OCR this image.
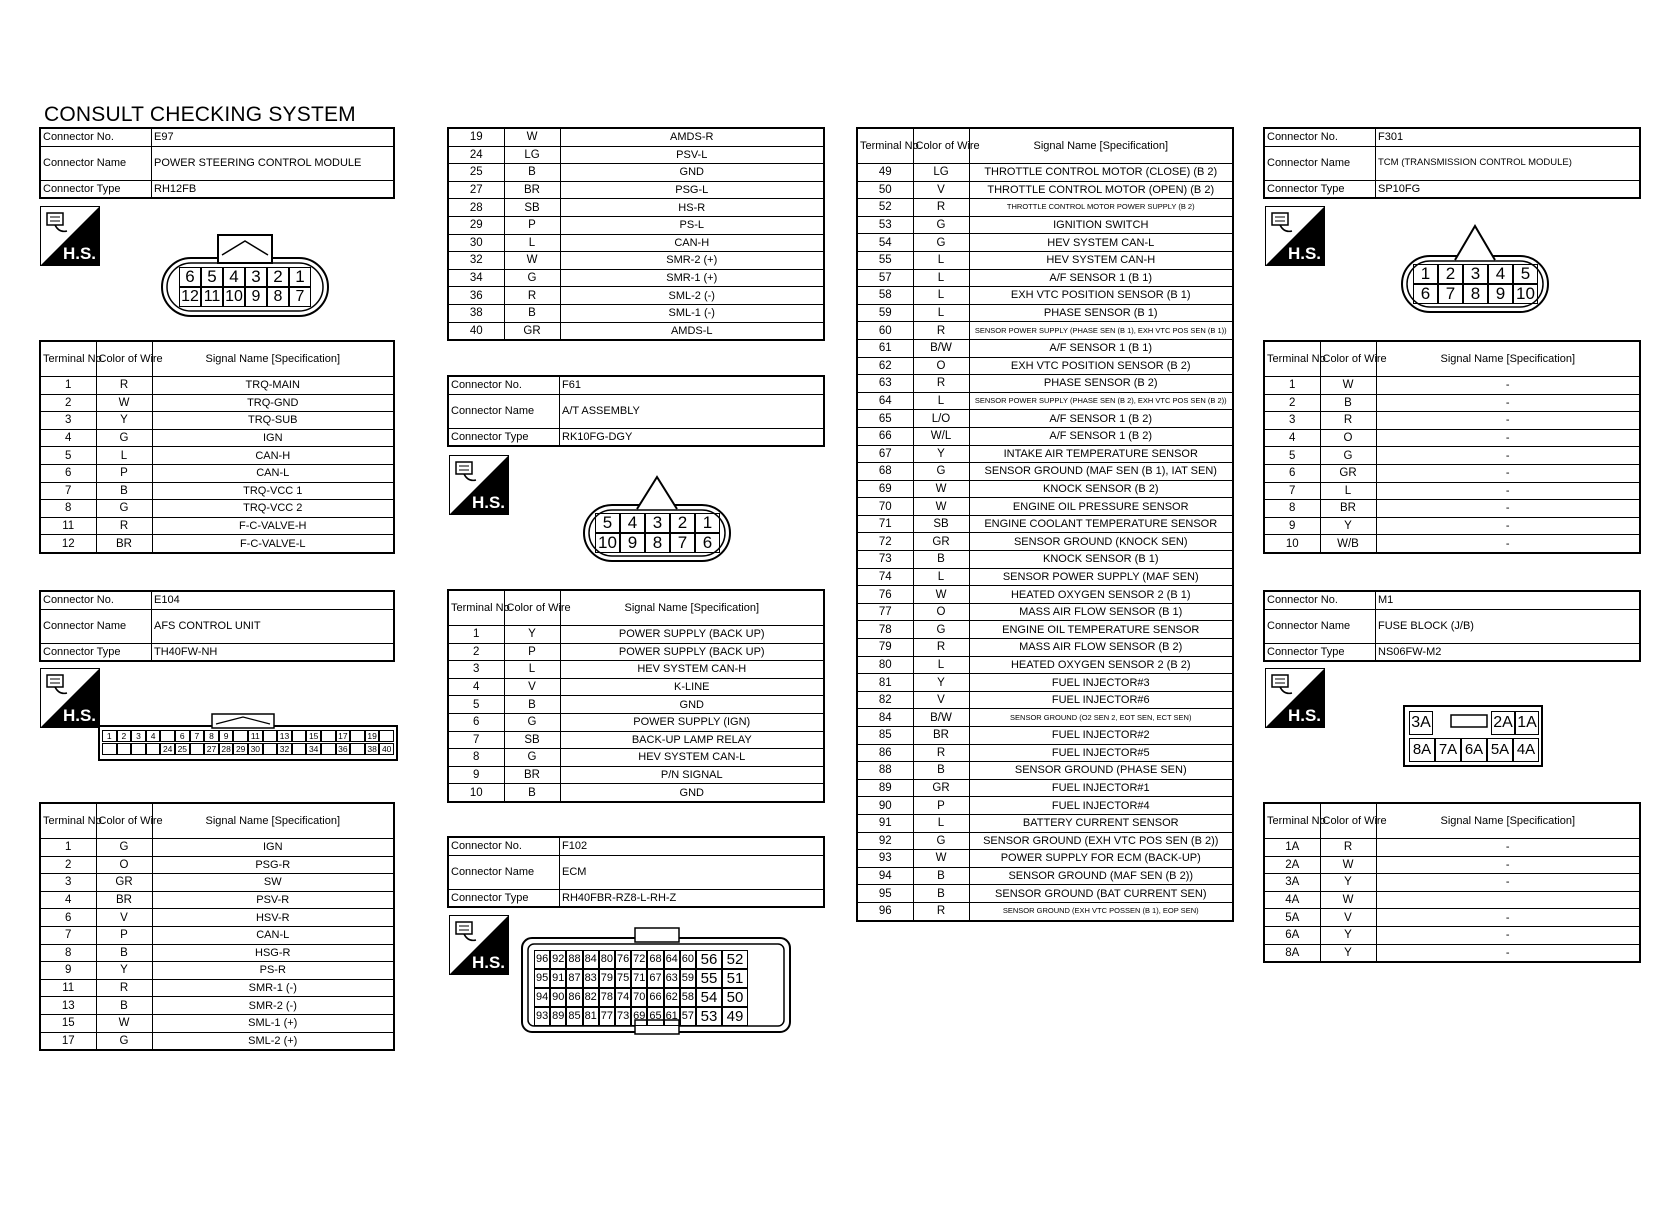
CONSULT CHECKING SYSTEM
Connector No.	E97
Connector Name	POWER STEERING CONTROL MODULE
Connector Type	RH12FB
H.S.
6 5 4 3 2 1
12 11 10 9 8 7
Terminal No.	Color of Wire	Signal Name [Specification]
1	R	TRQ-MAIN
2	W	TRQ-GND
3	Y	TRQ-SUB
4	G	IGN
5	L	CAN-H
6	P	CAN-L
7	B	TRQ-VCC 1
8	G	TRQ-VCC 2
11	R	F-C-VALVE-H
12	BR	F-C-VALVE-L
Connector No.	E104
Connector Name	AFS CONTROL UNIT
Connector Type	TH40FW-NH
H.S.
1	2	3	4	6	7	8	9	11	13	15	17	19
24 25	27 28 29 30	32	34	36	38 40
Terminal No.	Color of Wire	Signal Name [Specification]
1	G	IGN
2	O	PSG-R
3	GR	SW
4	BR	PSV-R
6	V	HSV-R
7	P	CAN-L
8	B	HSG-R
9	Y	PS-R
11	R	SMR-1 (-)
13	B	SMR-2 (-)
15	W	SML-1 (+)
17	G	SML-2 (+)
19	W	AMDS-R
24	LG	PSV-L
25	B	GND
27	BR	PSG-L
28	SB	HS-R
29	P	PS-L
30	L	CAN-H
32	W	SMR-2 (+)
34	G	SMR-1 (+)
36	R	SML-2 (-)
38	B	SML-1 (-)
40	GR	AMDS-L
Connector No.	F61
Connector Name	A/T ASSEMBLY
Connector Type	RK10FG-DGY
H.S.
5 4 3 2 1
10 9 8 7 6
Terminal No.	Color of Wire	Signal Name [Specification]
1	Y	POWER SUPPLY (BACK UP)
2	P	POWER SUPPLY (BACK UP)
3	L	HEV SYSTEM CAN-H
4	V	K-LINE
5	B	GND
6	G	POWER SUPPLY (IGN)
7	SB	BACK-UP LAMP RELAY
8	G	HEV SYSTEM CAN-L
9	BR	P/N SIGNAL
10	B	GND
Connector No.	F102
Connector Name	ECM
Connector Type	RH40FBR-RZ8-L-RH-Z
H.S.	96 92 88 84 80 76 72 68 64 60 56 52
95 91 87 83 79 75 71 67 63 59 55 51
94 90 86 82 78 74 70 66 62 58 54 50
93 89 85 81 77 73 69 65 61 57 53 49
Terminal No.	Color of Wire	Signal Name [Specification]
49	LG	THROTTLE CONTROL MOTOR (CLOSE) (B 2)
50	V	THROTTLE CONTROL MOTOR (OPEN) (B 2)
52	R	THROTTLE CONTROL MOTOR POWER SUPPLY (B 2)
53	G	IGNITION SWITCH
54	G	HEV SYSTEM CAN-L
55	L	HEV SYSTEM CAN-H
57	L	A/F SENSOR 1 (B 1)
58	L	EXH VTC POSITION SENSOR (B 1)
59	L	PHASE SENSOR (B 1)
60	R	SENSOR POWER SUPPLY (PHASE SEN (B 1), EXH VTC POS SEN (B 1))
61	B/W	A/F SENSOR 1 (B 1)
62	O	EXH VTC POSITION SENSOR (B 2)
63	R	PHASE SENSOR (B 2)
64	L	SENSOR POWER SUPPLY (PHASE SEN (B 2), EXH VTC POS SEN (B 2))
65	L/O	A/F SENSOR 1 (B 2)
66	W/L	A/F SENSOR 1 (B 2)
67	Y	INTAKE AIR TEMPERATURE SENSOR
68	G	SENSOR GROUND (MAF SEN (B 1), IAT SEN)
69	W	KNOCK SENSOR (B 2)
70	W	ENGINE OIL PRESSURE SENSOR
71	SB	ENGINE COOLANT TEMPERATURE SENSOR
72	GR	SENSOR GROUND (KNOCK SEN)
73	B	KNOCK SENSOR (B 1)
74	L	SENSOR POWER SUPPLY (MAF SEN)
76	W	HEATED OXYGEN SENSOR 2 (B 1)
77	O	MASS AIR FLOW SENSOR (B 1)
78	G	ENGINE OIL TEMPERATURE SENSOR
79	R	MASS AIR FLOW SENSOR (B 2)
80	L	HEATED OXYGEN SENSOR 2 (B 2)
81	Y	FUEL INJECTOR#3
82	V	FUEL INJECTOR#6
84	B/W	SENSOR GROUND (O2 SEN 2, EOT SEN, ECT SEN)
85	BR	FUEL INJECTOR#2
86	R	FUEL INJECTOR#5
88	B	SENSOR GROUND (PHASE SEN)
89	GR	FUEL INJECTOR#1
90	P	FUEL INJECTOR#4
91	L	BATTERY CURRENT SENSOR
92	G	SENSOR GROUND (EXH VTC POS SEN (B 2))
93	W	POWER SUPPLY FOR ECM (BACK-UP)
94	B	SENSOR GROUND (MAF SEN (B 2))
95	B	SENSOR GROUND (BAT CURRENT SEN)
96	R	SENSOR GROUND (EXH VTC POSSEN (B 1), EOP SEN)
Connector No.	F301
Connector Name	TCM (TRANSMISSION CONTROL MODULE)
Connector Type	SP10FG
H.S.
1 2 3 4 5
6 7 8 9 10
Terminal No.	Color of Wire	Signal Name [Specification]
1	W	-
2	B	-
3	R	-
4	O	-
5	G	-
6	GR	-
7	L	-
8	BR	-
9	Y	-
10	W/B	-
Connector No.	M1
Connector Name	FUSE BLOCK (J/B)
Connector Type	NS06FW-M2
H.S.	3A	2A 1A
8A 7A 6A 5A 4A
Terminal No.	Color of Wire	Signal Name [Specification]
1A	R	-
2A	W	-
3A	Y	-
4A	W	
5A	V	-
6A	Y	-
8A	Y	-
